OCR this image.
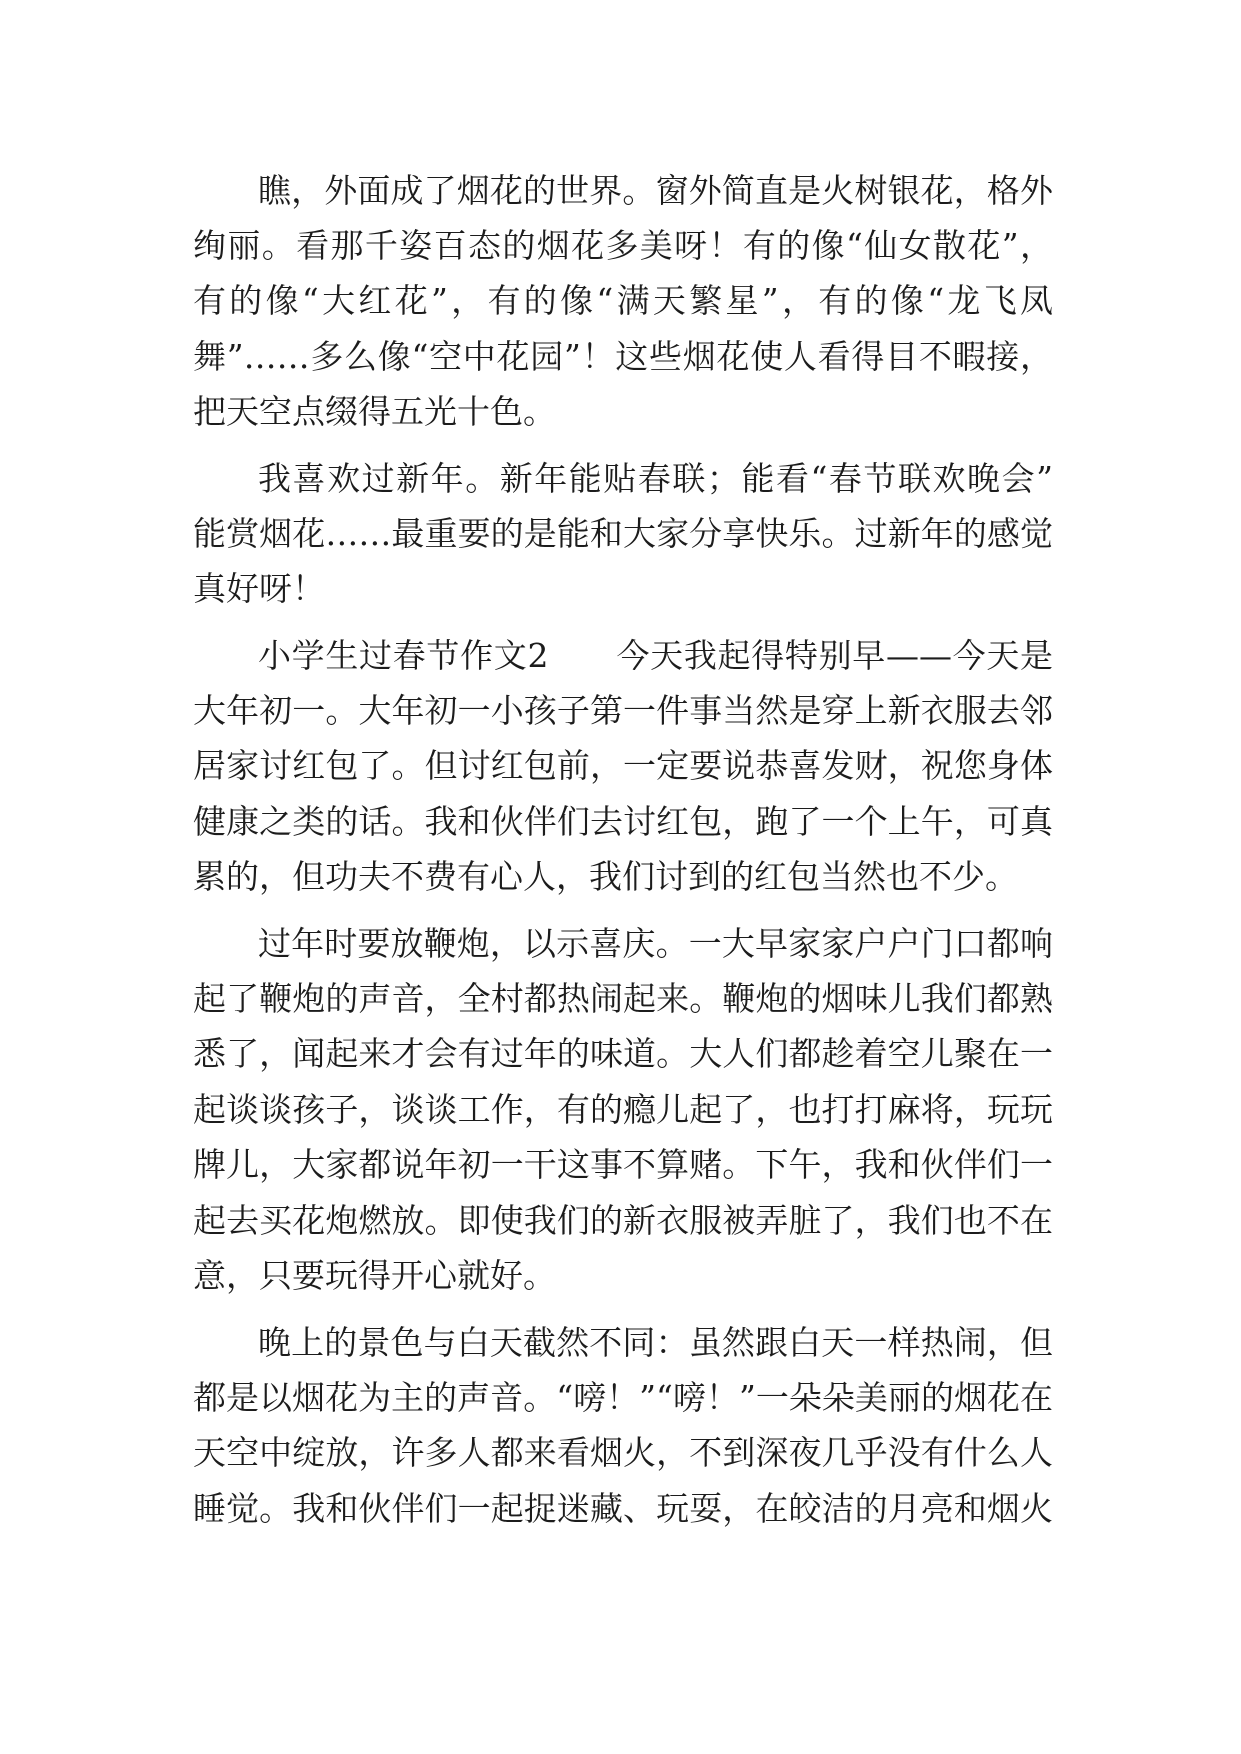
瞧，外面成了烟花的世界。窗外简直是火树银花，格外
绚丽。看那千姿百态的烟花多美呀！有的像“仙女散花”，
有的像“大红花”，有的像“满天繁星”，有的像“龙飞凤
舞”……多么像“空中花园”！这些烟花使人看得目不暇接，
把天空点缀得五光十色。
我喜欢过新年。新年能贴春联；能看“春节联欢晚会”
能赏烟花……最重要的是能和大家分享快乐。过新年的感觉
真好呀！
小学生过春节作文2　　今天我起得特别早——今天是
大年初一。大年初一小孩子第一件事当然是穿上新衣服去邻
居家讨红包了。但讨红包前，一定要说恭喜发财，祝您身体
健康之类的话。我和伙伴们去讨红包，跑了一个上午，可真
累的，但功夫不费有心人，我们讨到的红包当然也不少。
过年时要放鞭炮，以示喜庆。一大早家家户户门口都响
起了鞭炮的声音，全村都热闹起来。鞭炮的烟味儿我们都熟
悉了，闻起来才会有过年的味道。大人们都趁着空儿聚在一
起谈谈孩子，谈谈工作，有的瘾儿起了，也打打麻将，玩玩
牌儿，大家都说年初一干这事不算赌。下午，我和伙伴们一
起去买花炮燃放。即使我们的新衣服被弄脏了，我们也不在
意，只要玩得开心就好。
晚上的景色与白天截然不同：虽然跟白天一样热闹，但
都是以烟花为主的声音。“嗙！”“嗙！”一朵朵美丽的烟花在
天空中绽放，许多人都来看烟火，不到深夜几乎没有什么人
睡觉。我和伙伴们一起捉迷藏、玩耍，在皎洁的月亮和烟火
